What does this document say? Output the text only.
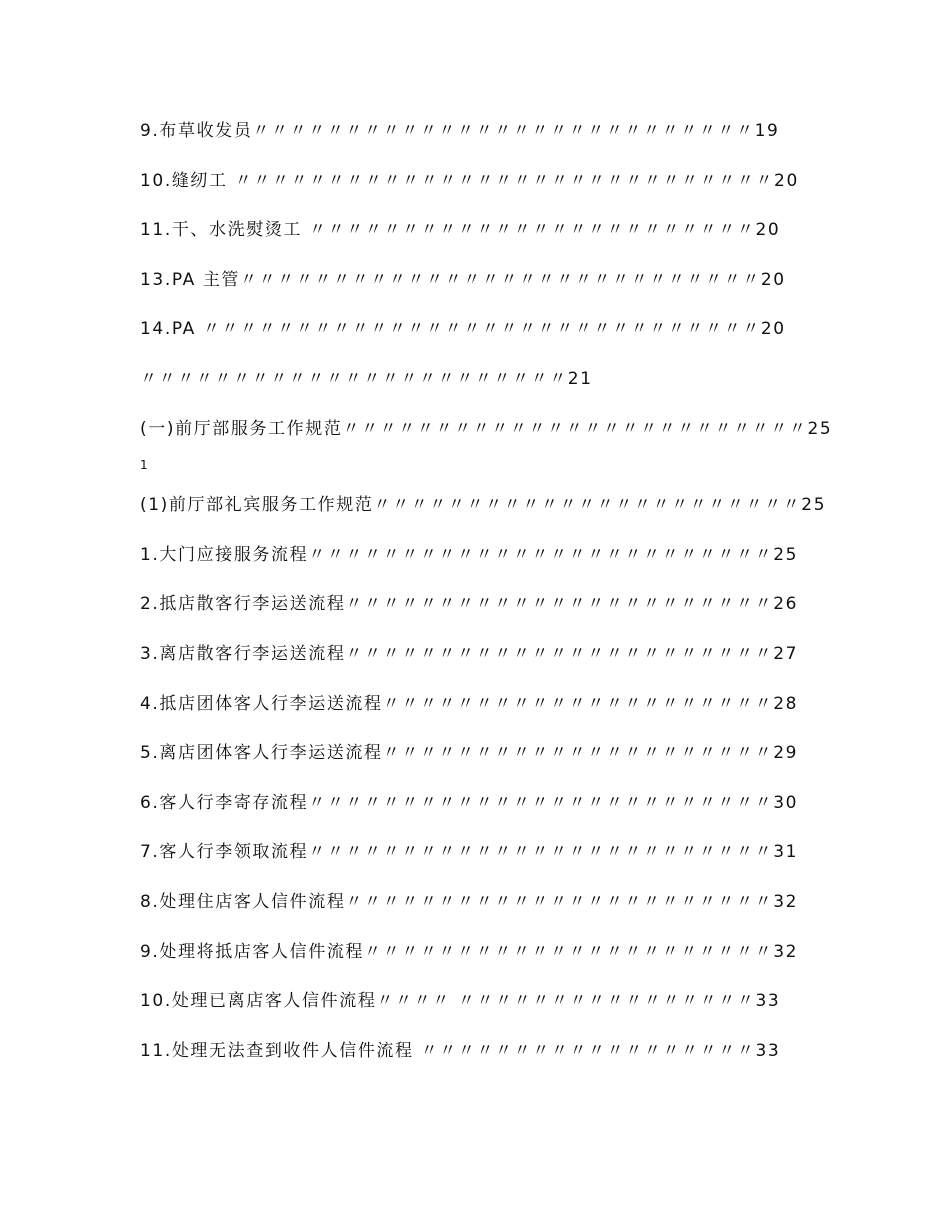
9.布草收发员〃〃〃〃〃〃〃〃〃〃〃〃〃〃〃〃〃〃〃〃〃〃〃〃〃〃〃19
10.缝纫工 〃〃〃〃〃〃〃〃〃〃〃〃〃〃〃〃〃〃〃〃〃〃〃〃〃〃〃〃〃20
11.干、水洗熨烫工 〃〃〃〃〃〃〃〃〃〃〃〃〃〃〃〃〃〃〃〃〃〃〃〃20
13.PA 主管〃〃〃〃〃〃〃〃〃〃〃〃〃〃〃〃〃〃〃〃〃〃〃〃〃〃〃〃20
14.PA 〃〃〃〃〃〃〃〃〃〃〃〃〃〃〃〃〃〃〃〃〃〃〃〃〃〃〃〃〃〃20
〃〃〃〃〃〃〃〃〃〃〃〃〃〃〃〃〃〃〃〃〃〃〃21
(一)前厅部服务工作规范〃〃〃〃〃〃〃〃〃〃〃〃〃〃〃〃〃〃〃〃〃〃〃〃〃25
1
(1)前厅部礼宾服务工作规范〃〃〃〃〃〃〃〃〃〃〃〃〃〃〃〃〃〃〃〃〃〃〃25
1.大门应接服务流程〃〃〃〃〃〃〃〃〃〃〃〃〃〃〃〃〃〃〃〃〃〃〃〃〃25
2.抵店散客行李运送流程〃〃〃〃〃〃〃〃〃〃〃〃〃〃〃〃〃〃〃〃〃〃〃26
3.离店散客行李运送流程〃〃〃〃〃〃〃〃〃〃〃〃〃〃〃〃〃〃〃〃〃〃〃27
4.抵店团体客人行李运送流程〃〃〃〃〃〃〃〃〃〃〃〃〃〃〃〃〃〃〃〃〃28
5.离店团体客人行李运送流程〃〃〃〃〃〃〃〃〃〃〃〃〃〃〃〃〃〃〃〃〃29
6.客人行李寄存流程〃〃〃〃〃〃〃〃〃〃〃〃〃〃〃〃〃〃〃〃〃〃〃〃〃30
7.客人行李领取流程〃〃〃〃〃〃〃〃〃〃〃〃〃〃〃〃〃〃〃〃〃〃〃〃〃31
8.处理住店客人信件流程〃〃〃〃〃〃〃〃〃〃〃〃〃〃〃〃〃〃〃〃〃〃〃32
9.处理将抵店客人信件流程〃〃〃〃〃〃〃〃〃〃〃〃〃〃〃〃〃〃〃〃〃〃32
10.处理已离店客人信件流程〃〃〃〃 〃〃〃〃〃〃〃〃〃〃〃〃〃〃〃〃33
11.处理无法查到收件人信件流程 〃〃〃〃〃〃〃〃〃〃〃〃〃〃〃〃〃〃33
